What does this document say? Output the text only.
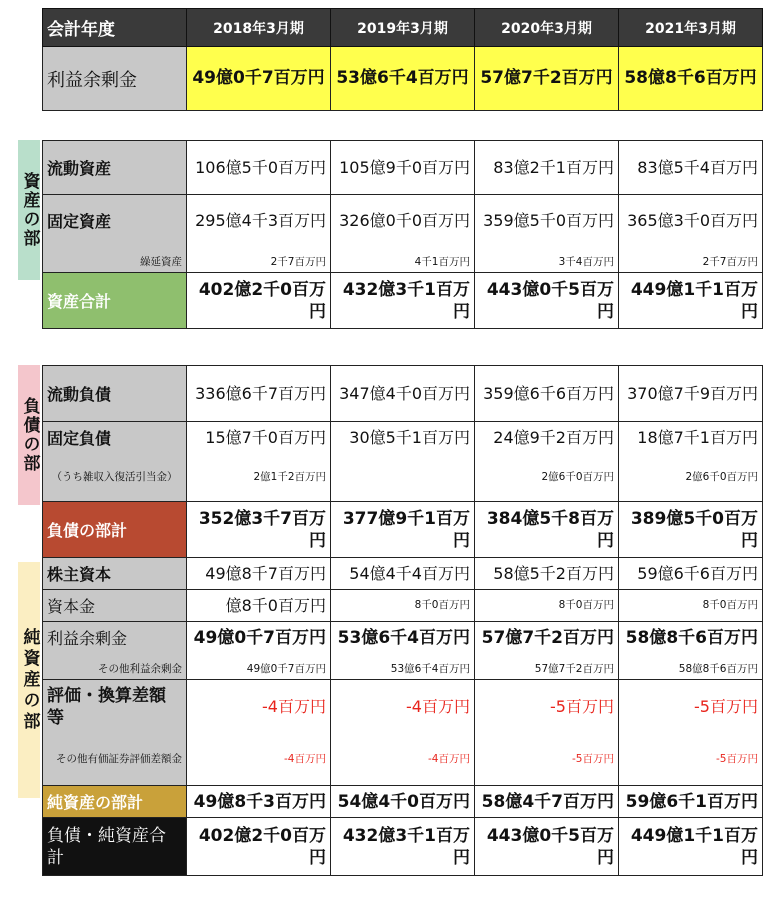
会計年度	2018年3月期	2019年3月期	2020年3月期	2021年3月期
利益余剰金	49億0千7百万円	53億6千4百万円	57億7千2百万円	58億8千6百万円
資産の部
流動資産	106億5千0百万円	105億9千0百万円	83億2千1百万円	83億5千4百万円
固定資産	295億4千3百万円	326億0千0百万円	359億5千0百万円	365億3千0百万円
繰延資産	2千7百万円	4千1百万円	3千4百万円	2千7百万円
資産合計	402億2千0百万円	432億3千1百万円	443億0千5百万円	449億1千1百万円
負債の部
流動負債	336億6千7百万円	347億4千0百万円	359億6千6百万円	370億7千9百万円
固定負債	15億7千0百万円	30億5千1百万円	24億9千2百万円	18億7千1百万円
（うち雑収入復活引当金）	2億1千2百万円		2億6千0百万円	2億6千0百万円
負債の部計	352億3千7百万円	377億9千1百万円	384億5千8百万円	389億5千0百万円
株主資本	49億8千7百万円	54億4千4百万円	58億5千2百万円	59億6千6百万円
資本金	億8千0百万円	8千0百万円	8千0百万円	8千0百万円
利益余剰金	49億0千7百万円	53億6千4百万円	57億7千2百万円	58億8千6百万円
その他利益余剰金	49億0千7百万円	53億6千4百万円	57億7千2百万円	58億8千6百万円
評価・換算差額等	-4百万円	-4百万円	-5百万円	-5百万円
その他有価証券評価差額金	-4百万円	-4百万円	-5百万円	-5百万円
純資産の部計	49億8千3百万円	54億4千0百万円	58億4千7百万円	59億6千1百万円
負債・純資産合計	402億2千0百万円	432億3千1百万円	443億0千5百万円	449億1千1百万円
純資産の部
